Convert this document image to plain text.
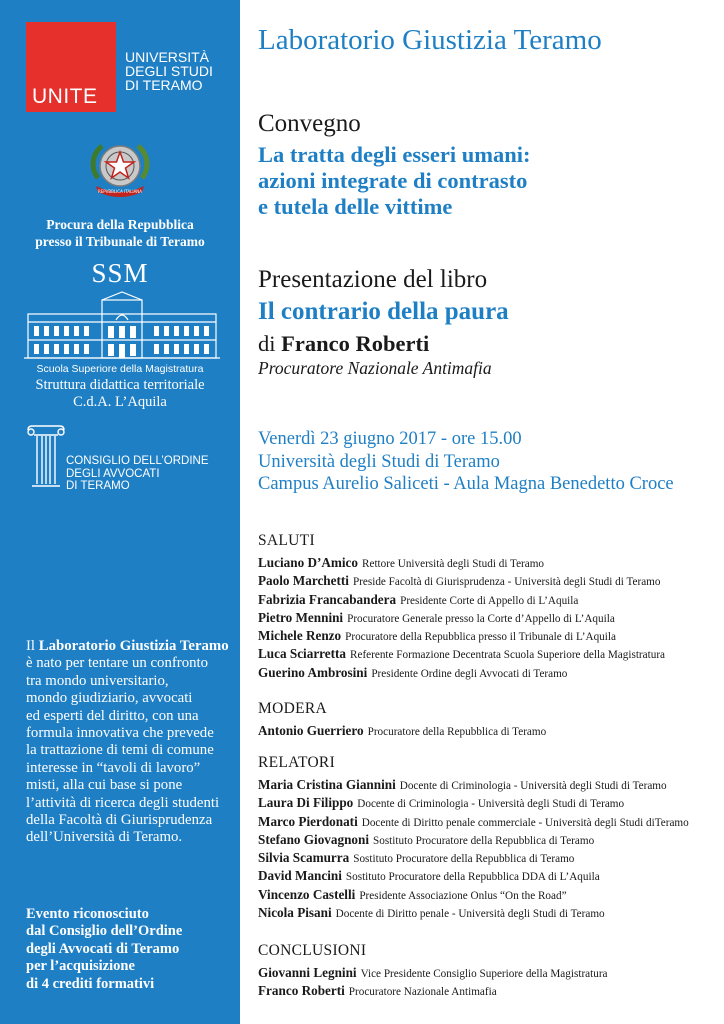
UNITE
UNIVERSITÀ
DEGLI STUDI
DI TERAMO
REPVBBLICA ITALIANA
Procura della Repubblica
presso il Tribunale di Teramo
SSM
Scuola Superiore della Magistratura
Struttura didattica territoriale
C.d.A. L’Aquila
CONSIGLIO DELL’ORDINE
DEGLI AVVOCATI
DI TERAMO
Il Laboratorio Giustizia Teramo
è nato per tentare un confronto
tra mondo universitario,
mondo giudiziario, avvocati
ed esperti del diritto, con una
formula innovativa che prevede
la trattazione di temi di comune
interesse in “tavoli di lavoro”
misti, alla cui base si pone
l’attività di ricerca degli studenti
della Facoltà di Giurisprudenza
dell’Università di Teramo.
Evento riconosciuto
dal Consiglio dell’Ordine
degli Avvocati di Teramo
per l’acquisizione
di 4 crediti formativi
Laboratorio Giustizia Teramo
Convegno
La tratta degli esseri umani:
azioni integrate di contrasto
e tutela delle vittime
Presentazione del libro
Il contrario della paura
di Franco Roberti
Procuratore Nazionale Antimafia
Venerdì 23 giugno 2017 - ore 15.00
Università degli Studi di Teramo
Campus Aurelio Saliceti - Aula Magna Benedetto Croce
SALUTI
Luciano D’Amico Rettore Università degli Studi di Teramo
Paolo Marchetti Preside Facoltà di Giurisprudenza - Università degli Studi di Teramo
Fabrizia Francabandera Presidente Corte di Appello di L’Aquila
Pietro Mennini Procuratore Generale presso la Corte d’Appello di L’Aquila
Michele Renzo Procuratore della Repubblica presso il Tribunale di L’Aquila
Luca Sciarretta Referente Formazione Decentrata Scuola Superiore della Magistratura
Guerino Ambrosini Presidente Ordine degli Avvocati di Teramo
MODERA
Antonio Guerriero Procuratore della Repubblica di Teramo
RELATORI
Maria Cristina Giannini Docente di Criminologia - Università degli Studi di Teramo
Laura Di Filippo Docente di Criminologia - Università degli Studi di Teramo
Marco Pierdonati Docente di Diritto penale commerciale - Università degli Studi diTeramo
Stefano Giovagnoni Sostituto Procuratore della Repubblica di Teramo
Silvia Scamurra Sostituto Procuratore della Repubblica di Teramo
David Mancini Sostituto Procuratore della Repubblica DDA di L’Aquila
Vincenzo Castelli Presidente Associazione Onlus “On the Road”
Nicola Pisani Docente di Diritto penale - Università degli Studi di Teramo
CONCLUSIONI
Giovanni Legnini Vice Presidente Consiglio Superiore della Magistratura
Franco Roberti Procuratore Nazionale Antimafia
